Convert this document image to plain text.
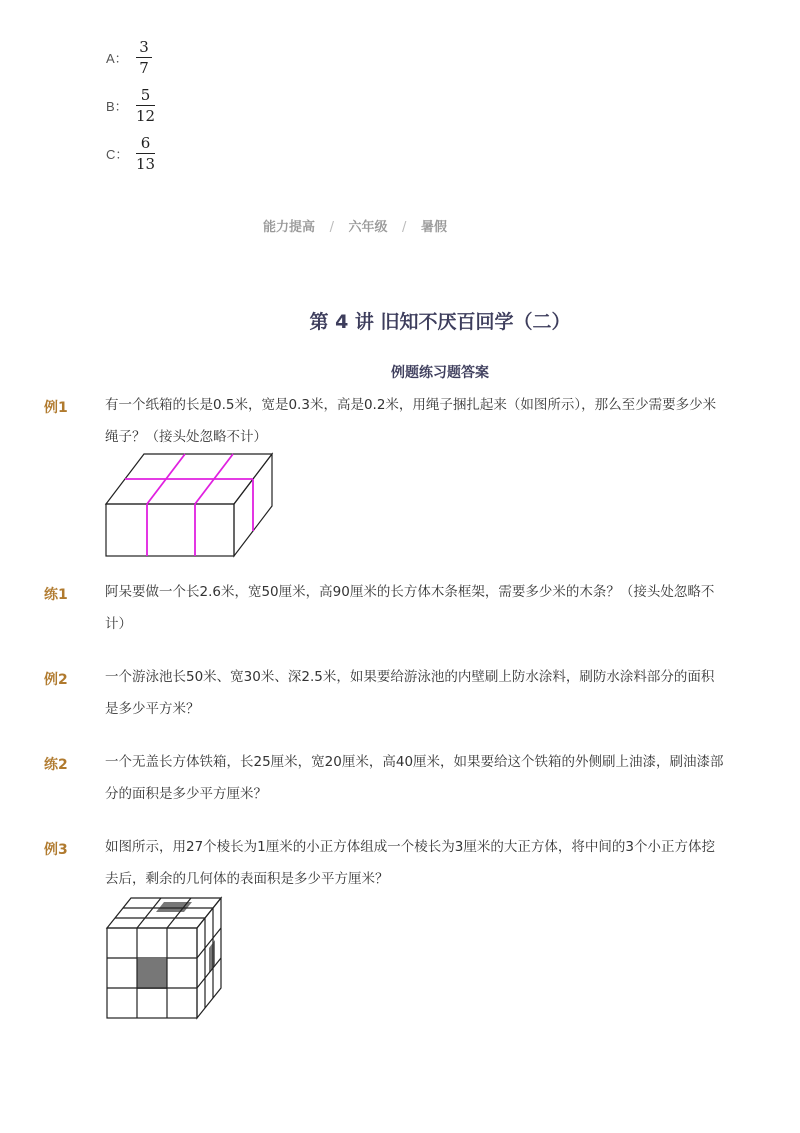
A： $\frac{3}{7}$
B： $\frac{5}{12}$
C： $\frac{6}{13}$
能力提高 / 六年级 / 暑假
第 4 讲 旧知不厌百回学（二）
例题练习题答案
例1	有一个纸箱的长是0.5米，宽是0.3米，高是0.2米，用绳子捆扎起来（如图所示），那么至少需要多少米绳子？（接头处忽略不计）
练1	阿呆要做一个长2.6米，宽50厘米，高90厘米的长方体木条框架，需要多少米的木条？（接头处忽略不计）
例2	一个游泳池长50米、宽30米、深2.5米，如果要给游泳池的内壁刷上防水涂料，刷防水涂料部分的面积是多少平方米？
练2	一个无盖长方体铁箱，长25厘米，宽20厘米，高40厘米，如果要给这个铁箱的外侧刷上油漆，刷油漆部分的面积是多少平方厘米？
例3	如图所示，用27个棱长为1厘米的小正方体组成一个棱长为3厘米的大正方体，将中间的3个小正方体挖去后，剩余的几何体的表面积是多少平方厘米？
